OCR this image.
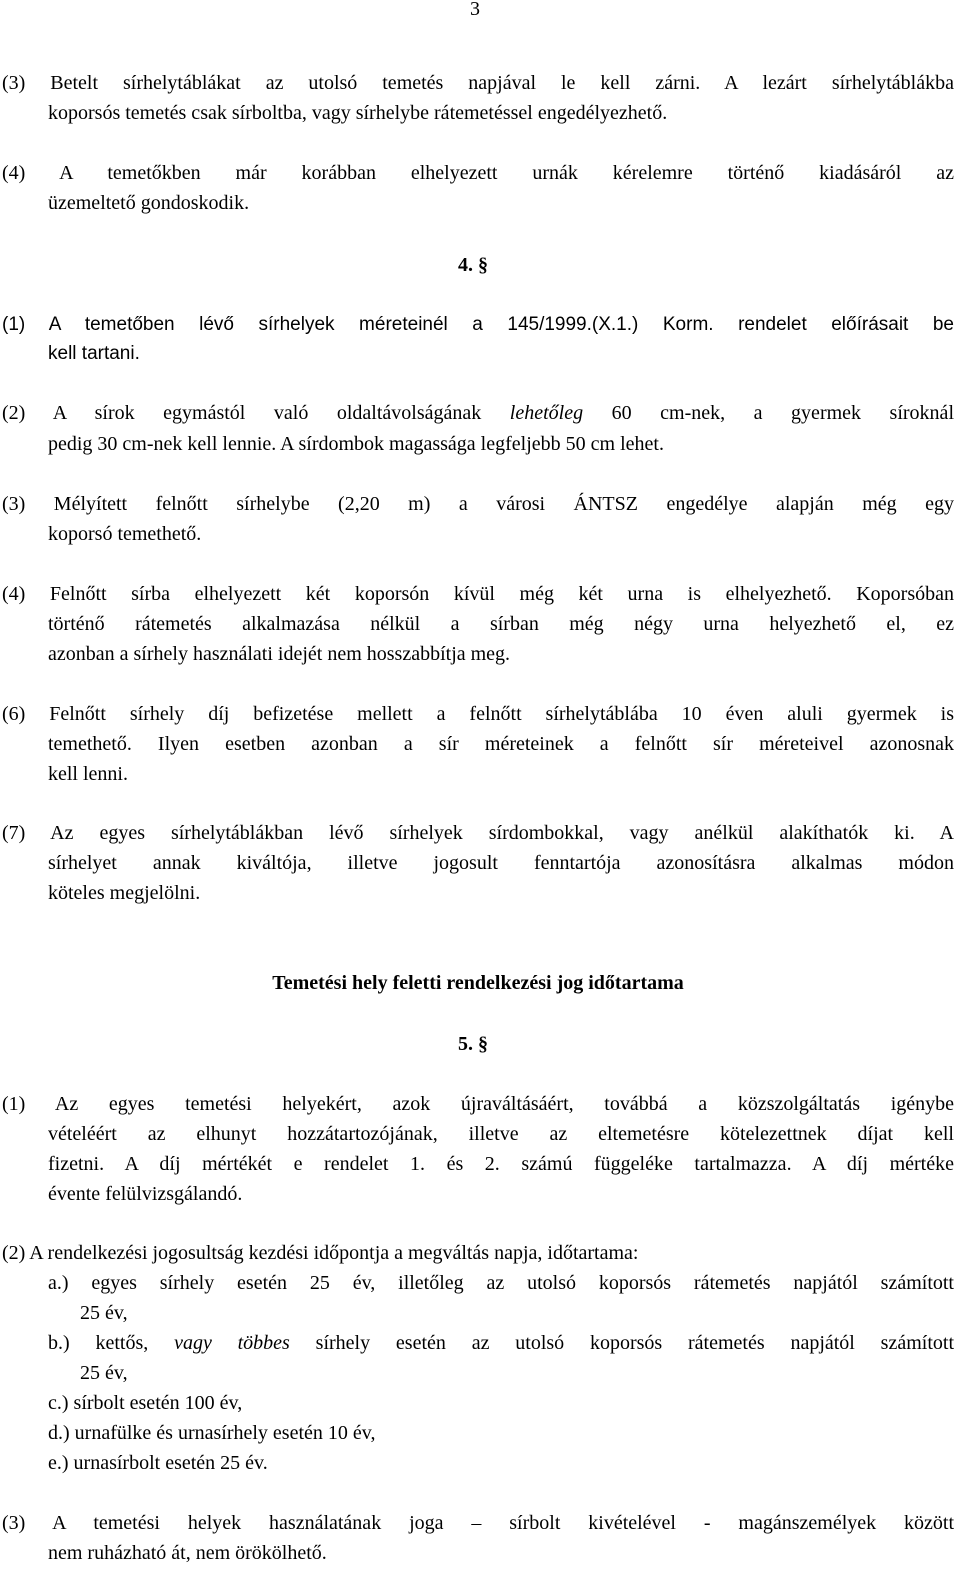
3
(3) Betelt sírhelytáblákat az utolsó temetés napjával le kell zárni. A lezárt sírhelytáblákba
koporsós temetés csak sírboltba, vagy sírhelybe rátemetéssel engedélyezhető.
(4) A temetőkben már korábban elhelyezett urnák kérelemre történő kiadásáról az
üzemeltető gondoskodik.
4. §
(1) A temetőben lévő sírhelyek méreteinél a 145/1999.(X.1.) Korm. rendelet előírásait be
kell tartani.
(2) A sírok egymástól való oldaltávolságának lehetőleg 60 cm-nek, a gyermek síroknál
pedig 30 cm-nek kell lennie. A sírdombok magassága legfeljebb 50 cm lehet.
(3) Mélyített felnőtt sírhelybe (2,20 m) a városi ÁNTSZ engedélye alapján még egy
koporsó temethető.
(4) Felnőtt sírba elhelyezett két koporsón kívül még két urna is elhelyezhető. Koporsóban
történő rátemetés alkalmazása nélkül a sírban még négy urna helyezhető el, ez
azonban a sírhely használati idejét nem hosszabbítja meg.
(6) Felnőtt sírhely díj befizetése mellett a felnőtt sírhelytáblába 10 éven aluli gyermek is
temethető. Ilyen esetben azonban a sír méreteinek a felnőtt sír méreteivel azonosnak
kell lenni.
(7) Az egyes sírhelytáblákban lévő sírhelyek sírdombokkal, vagy anélkül alakíthatók ki. A
sírhelyet annak kiváltója, illetve jogosult fenntartója azonosításra alkalmas módon
köteles megjelölni.
Temetési hely feletti rendelkezési jog időtartama
5. §
(1) Az egyes temetési helyekért, azok újraváltásáért, továbbá a közszolgáltatás igénybe
vételéért az elhunyt hozzátartozójának, illetve az eltemetésre kötelezettnek díjat kell
fizetni. A díj mértékét e rendelet 1. és 2. számú függeléke tartalmazza. A díj mértéke
évente felülvizsgálandó.
(2) A rendelkezési jogosultság kezdési időpontja a megváltás napja, időtartama:
a.) egyes sírhely esetén 25 év, illetőleg az utolsó koporsós rátemetés napjától számított
25 év,
b.) kettős, vagy többes sírhely esetén az utolsó koporsós rátemetés napjától számított
25 év,
c.) sírbolt esetén 100 év,
d.) urnafülke és urnasírhely esetén 10 év,
e.) urnasírbolt esetén 25 év.
(3) A temetési helyek használatának joga – sírbolt kivételével - magánszemélyek között
nem ruházható át, nem örökölhető.
